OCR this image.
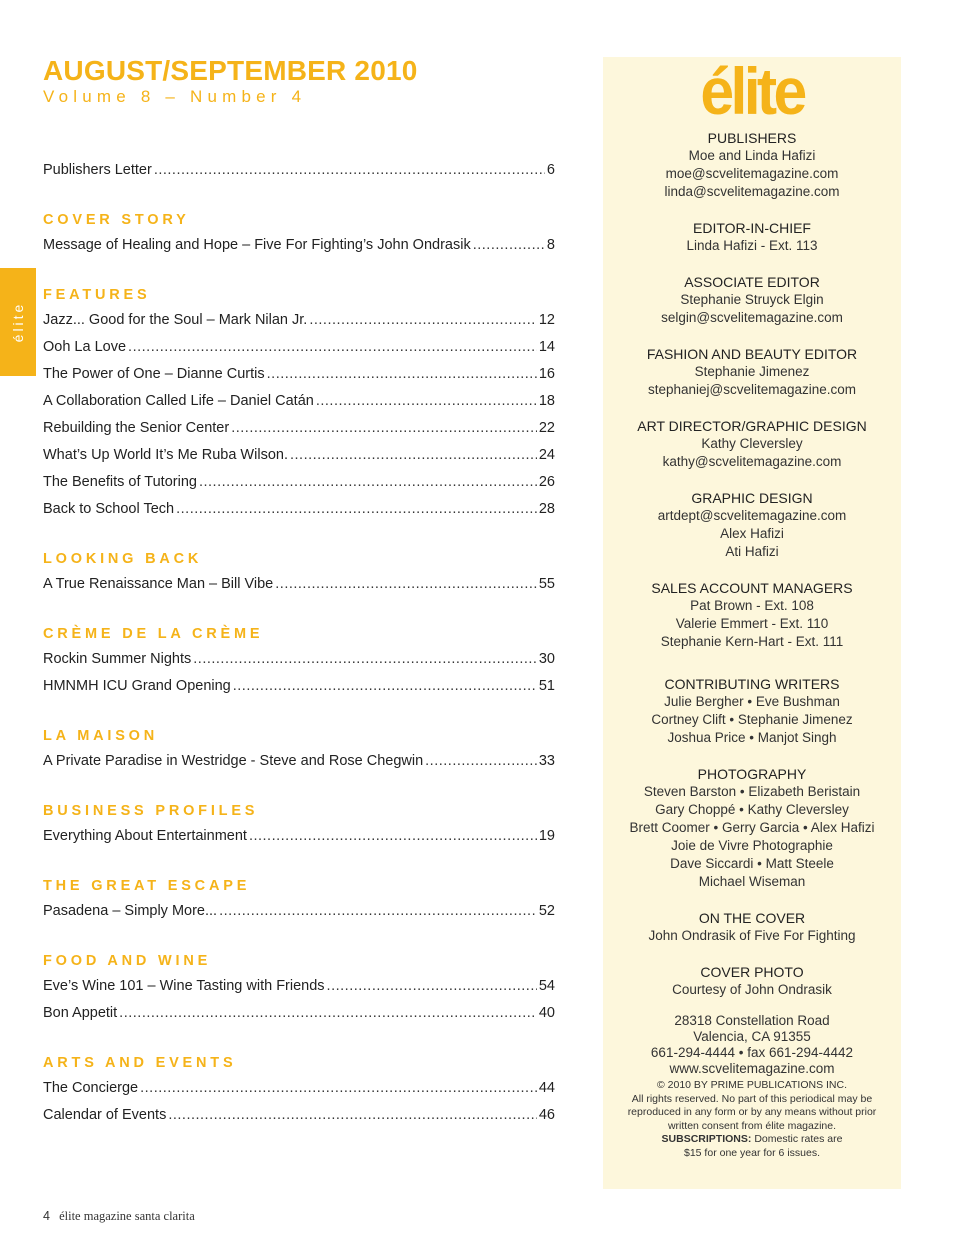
AUGUST/SEPTEMBER 2010
Volume 8 – Number 4
élite
Publishers Letter .....	6
COVER STORY
Message of Healing and Hope – Five For Fighting’s John Ondrasik .....	8
FEATURES
Jazz... Good for the Soul – Mark Nilan Jr. .....	12
Ooh La Love .....	14
The Power of One – Dianne Curtis .....	16
A Collaboration Called Life – Daniel Catán .....	18
Rebuilding the Senior Center .....	22
What’s Up World It’s Me Ruba Wilson. .....	24
The Benefits of Tutoring .....	26
Back to School Tech .....	28
LOOKING BACK
A True Renaissance Man – Bill Vibe .....	55
CRÈME DE LA CRÈME
Rockin Summer Nights .....	30
HMNMH ICU Grand Opening .....	51
LA MAISON
A Private Paradise in Westridge - Steve and Rose Chegwin .....	33
BUSINESS PROFILES
Everything About Entertainment .....	19
THE GREAT ESCAPE
Pasadena – Simply More... .....	52
FOOD AND WINE
Eve’s Wine 101 – Wine Tasting with Friends .....	54
Bon Appetit .....	40
ARTS AND EVENTS
The Concierge .....	44
Calendar of Events .....	46
élite
PUBLISHERS
Moe and Linda Hafizi
moe@scvelitemagazine.com
linda@scvelitemagazine.com
EDITOR-IN-CHIEF
Linda Hafizi - Ext. 113
ASSOCIATE EDITOR
Stephanie Struyck Elgin
selgin@scvelitemagazine.com
FASHION AND BEAUTY EDITOR
Stephanie Jimenez
stephaniej@scvelitemagazine.com
ART DIRECTOR/GRAPHIC DESIGN
Kathy Cleversley
kathy@scvelitemagazine.com
GRAPHIC DESIGN
artdept@scvelitemagazine.com
Alex Hafizi
Ati Hafizi
SALES ACCOUNT MANAGERS
Pat Brown - Ext. 108
Valerie Emmert - Ext. 110
Stephanie Kern-Hart - Ext. 111
CONTRIBUTING WRITERS
Julie Bergher • Eve Bushman
Cortney Clift • Stephanie Jimenez
Joshua Price • Manjot Singh
PHOTOGRAPHY
Steven Barston • Elizabeth Beristain
Gary Choppé • Kathy Cleversley
Brett Coomer • Gerry Garcia • Alex Hafizi
Joie de Vivre Photographie
Dave Siccardi • Matt Steele
Michael Wiseman
ON THE COVER
John Ondrasik of Five For Fighting
COVER PHOTO
Courtesy of John Ondrasik
28318 Constellation Road
Valencia, CA 91355
661-294-4444 • fax 661-294-4442
www.scvelitemagazine.com
© 2010 BY PRIME PUBLICATIONS INC.
All rights reserved. No part of this periodical may be
reproduced in any form or by any means without prior
written consent from élite magazine.
SUBSCRIPTIONS: Domestic rates are
$15 for one year for 6 issues.
4 élite magazine santa clarita
